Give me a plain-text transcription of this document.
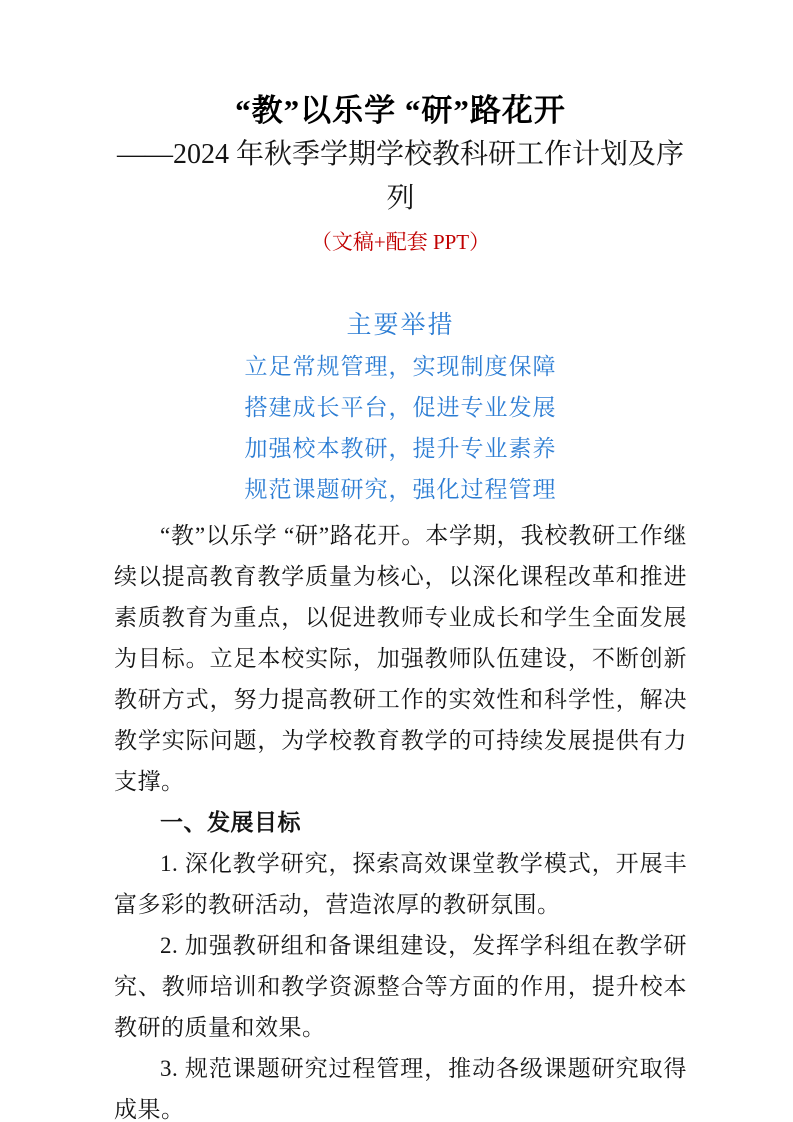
“教”以乐学 “研”路花开
——2024 年秋季学期学校教科研工作计划及序列
（文稿+配套 PPT）
主要举措
立足常规管理，实现制度保障
搭建成长平台，促进专业发展
加强校本教研，提升专业素养
规范课题研究，强化过程管理

“教”以乐学 “研”路花开。本学期，我校教研工作继续以提高教育教学质量为核心，以深化课程改革和推进素质教育为重点，以促进教师专业成长和学生全面发展为目标。立足本校实际，加强教师队伍建设，不断创新教研方式，努力提高教研工作的实效性和科学性，解决教学实际问题，为学校教育教学的可持续发展提供有力支撑。

一、发展目标

1. 深化教学研究，探索高效课堂教学模式，开展丰富多彩的教研活动，营造浓厚的教研氛围。

2. 加强教研组和备课组建设，发挥学科组在教学研究、教师培训和教学资源整合等方面的作用，提升校本教研的质量和效果。

3. 规范课题研究过程管理，推动各级课题研究取得成果。
